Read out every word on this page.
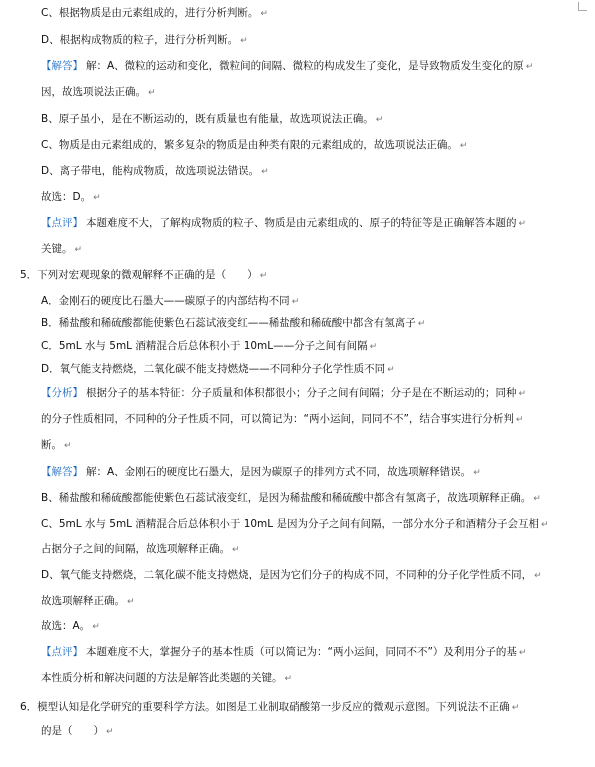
C、根据物质是由元素组成的，进行分析判断。 ↵
D、根据构成物质的粒子，进行分析判断。 ↵
【解答】 解：A、微粒的运动和变化，微粒间的间隔、微粒的构成发生了变化，是导致物质发生变化的原 ↵
因，故选项说法正确。 ↵
B、原子虽小，是在不断运动的，既有质量也有能量，故选项说法正确。 ↵
C、物质是由元素组成的，繁多复杂的物质是由种类有限的元素组成的，故选项说法正确。 ↵
D、离子带电，能构成物质，故选项说法错误。 ↵
故选：D。 ↵
【点评】 本题难度不大，了解构成物质的粒子、物质是由元素组成的、原子的特征等是正确解答本题的 ↵
关键。 ↵
5．下列对宏观现象的微观解释不正确的是（　　） ↵
A．金刚石的硬度比石墨大——碳原子的内部结构不同 ↵
B．稀盐酸和稀硫酸都能使紫色石蕊试液变红——稀盐酸和稀硫酸中都含有氢离子 ↵
C．5mL 水与 5mL 酒精混合后总体积小于 10mL——分子之间有间隔 ↵
D．氧气能支持燃烧，二氧化碳不能支持燃烧——不同种分子化学性质不同 ↵
【分析】 根据分子的基本特征：分子质量和体积都很小；分子之间有间隔；分子是在不断运动的；同种 ↵
的分子性质相同，不同种的分子性质不同，可以简记为：“两小运间，同同不不”，结合事实进行分析判 ↵
断。 ↵
【解答】 解：A、金刚石的硬度比石墨大，是因为碳原子的排列方式不同，故选项解释错误。 ↵
B、稀盐酸和稀硫酸都能使紫色石蕊试液变红，是因为稀盐酸和稀硫酸中都含有氢离子，故选项解释正确。 ↵
C、5mL 水与 5mL 酒精混合后总体积小于 10mL 是因为分子之间有间隔，一部分水分子和酒精分子会互相 ↵
占据分子之间的间隔，故选项解释正确。 ↵
D、氧气能支持燃烧，二氧化碳不能支持燃烧，是因为它们分子的构成不同，不同种的分子化学性质不同， ↵
故选项解释正确。 ↵
故选：A。 ↵
【点评】 本题难度不大，掌握分子的基本性质（可以简记为：“两小运间，同同不不”）及利用分子的基 ↵
本性质分析和解决问题的方法是解答此类题的关键。 ↵
6．模型认知是化学研究的重要科学方法。如图是工业制取硝酸第一步反应的微观示意图。下列说法不正确 ↵
的是（　　） ↵
